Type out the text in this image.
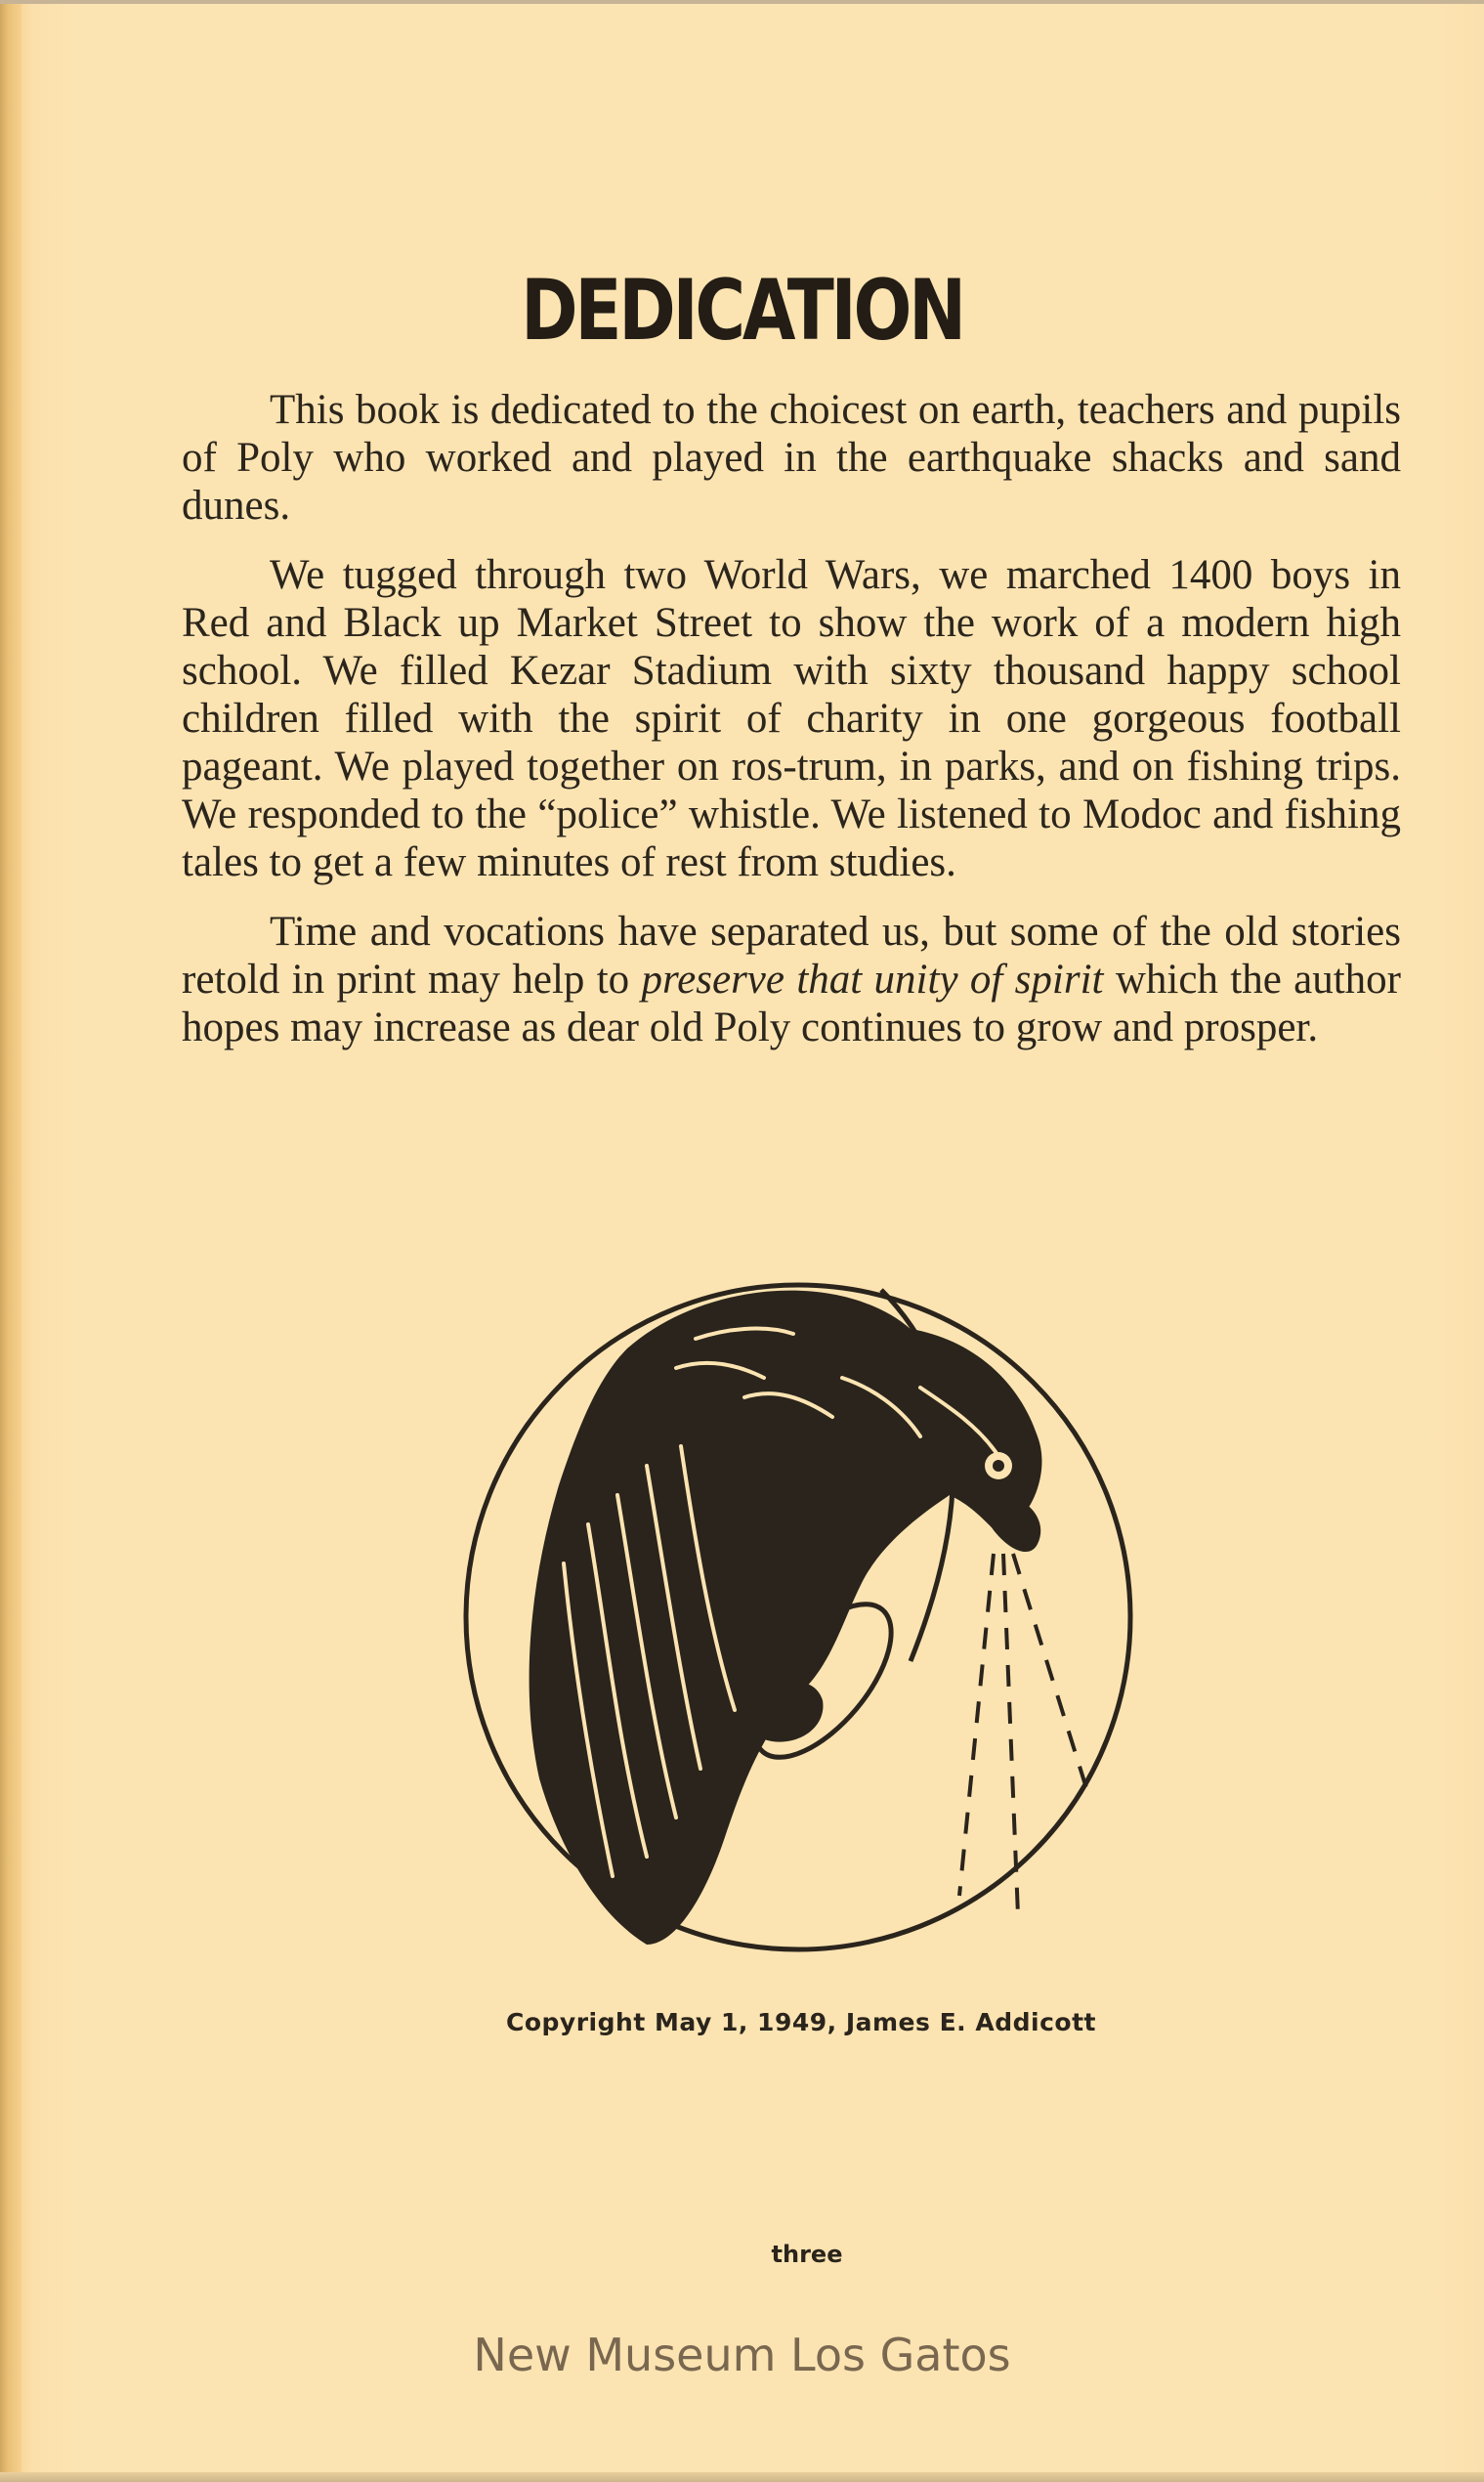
DEDICATION

This book is dedicated to the choicest on earth, teachers and pupils of Poly who worked and played in the earthquake shacks and sand dunes.

We tugged through two World Wars, we marched 1400 boys in Red and Black up Market Street to show the work of a modern high school. We filled Kezar Stadium with sixty thousand happy school children filled with the spirit of charity in one gorgeous football pageant. We played together on ros-trum, in parks, and on fishing trips. We responded to the “police” whistle. We listened to Modoc and fishing tales to get a few minutes of rest from studies.

Time and vocations have separated us, but some of the old stories retold in print may help to preserve that unity of spirit which the author hopes may increase as dear old Poly continues to grow and prosper.

Copyright May 1, 1949, James E. Addicott
three
New Museum Los Gatos
